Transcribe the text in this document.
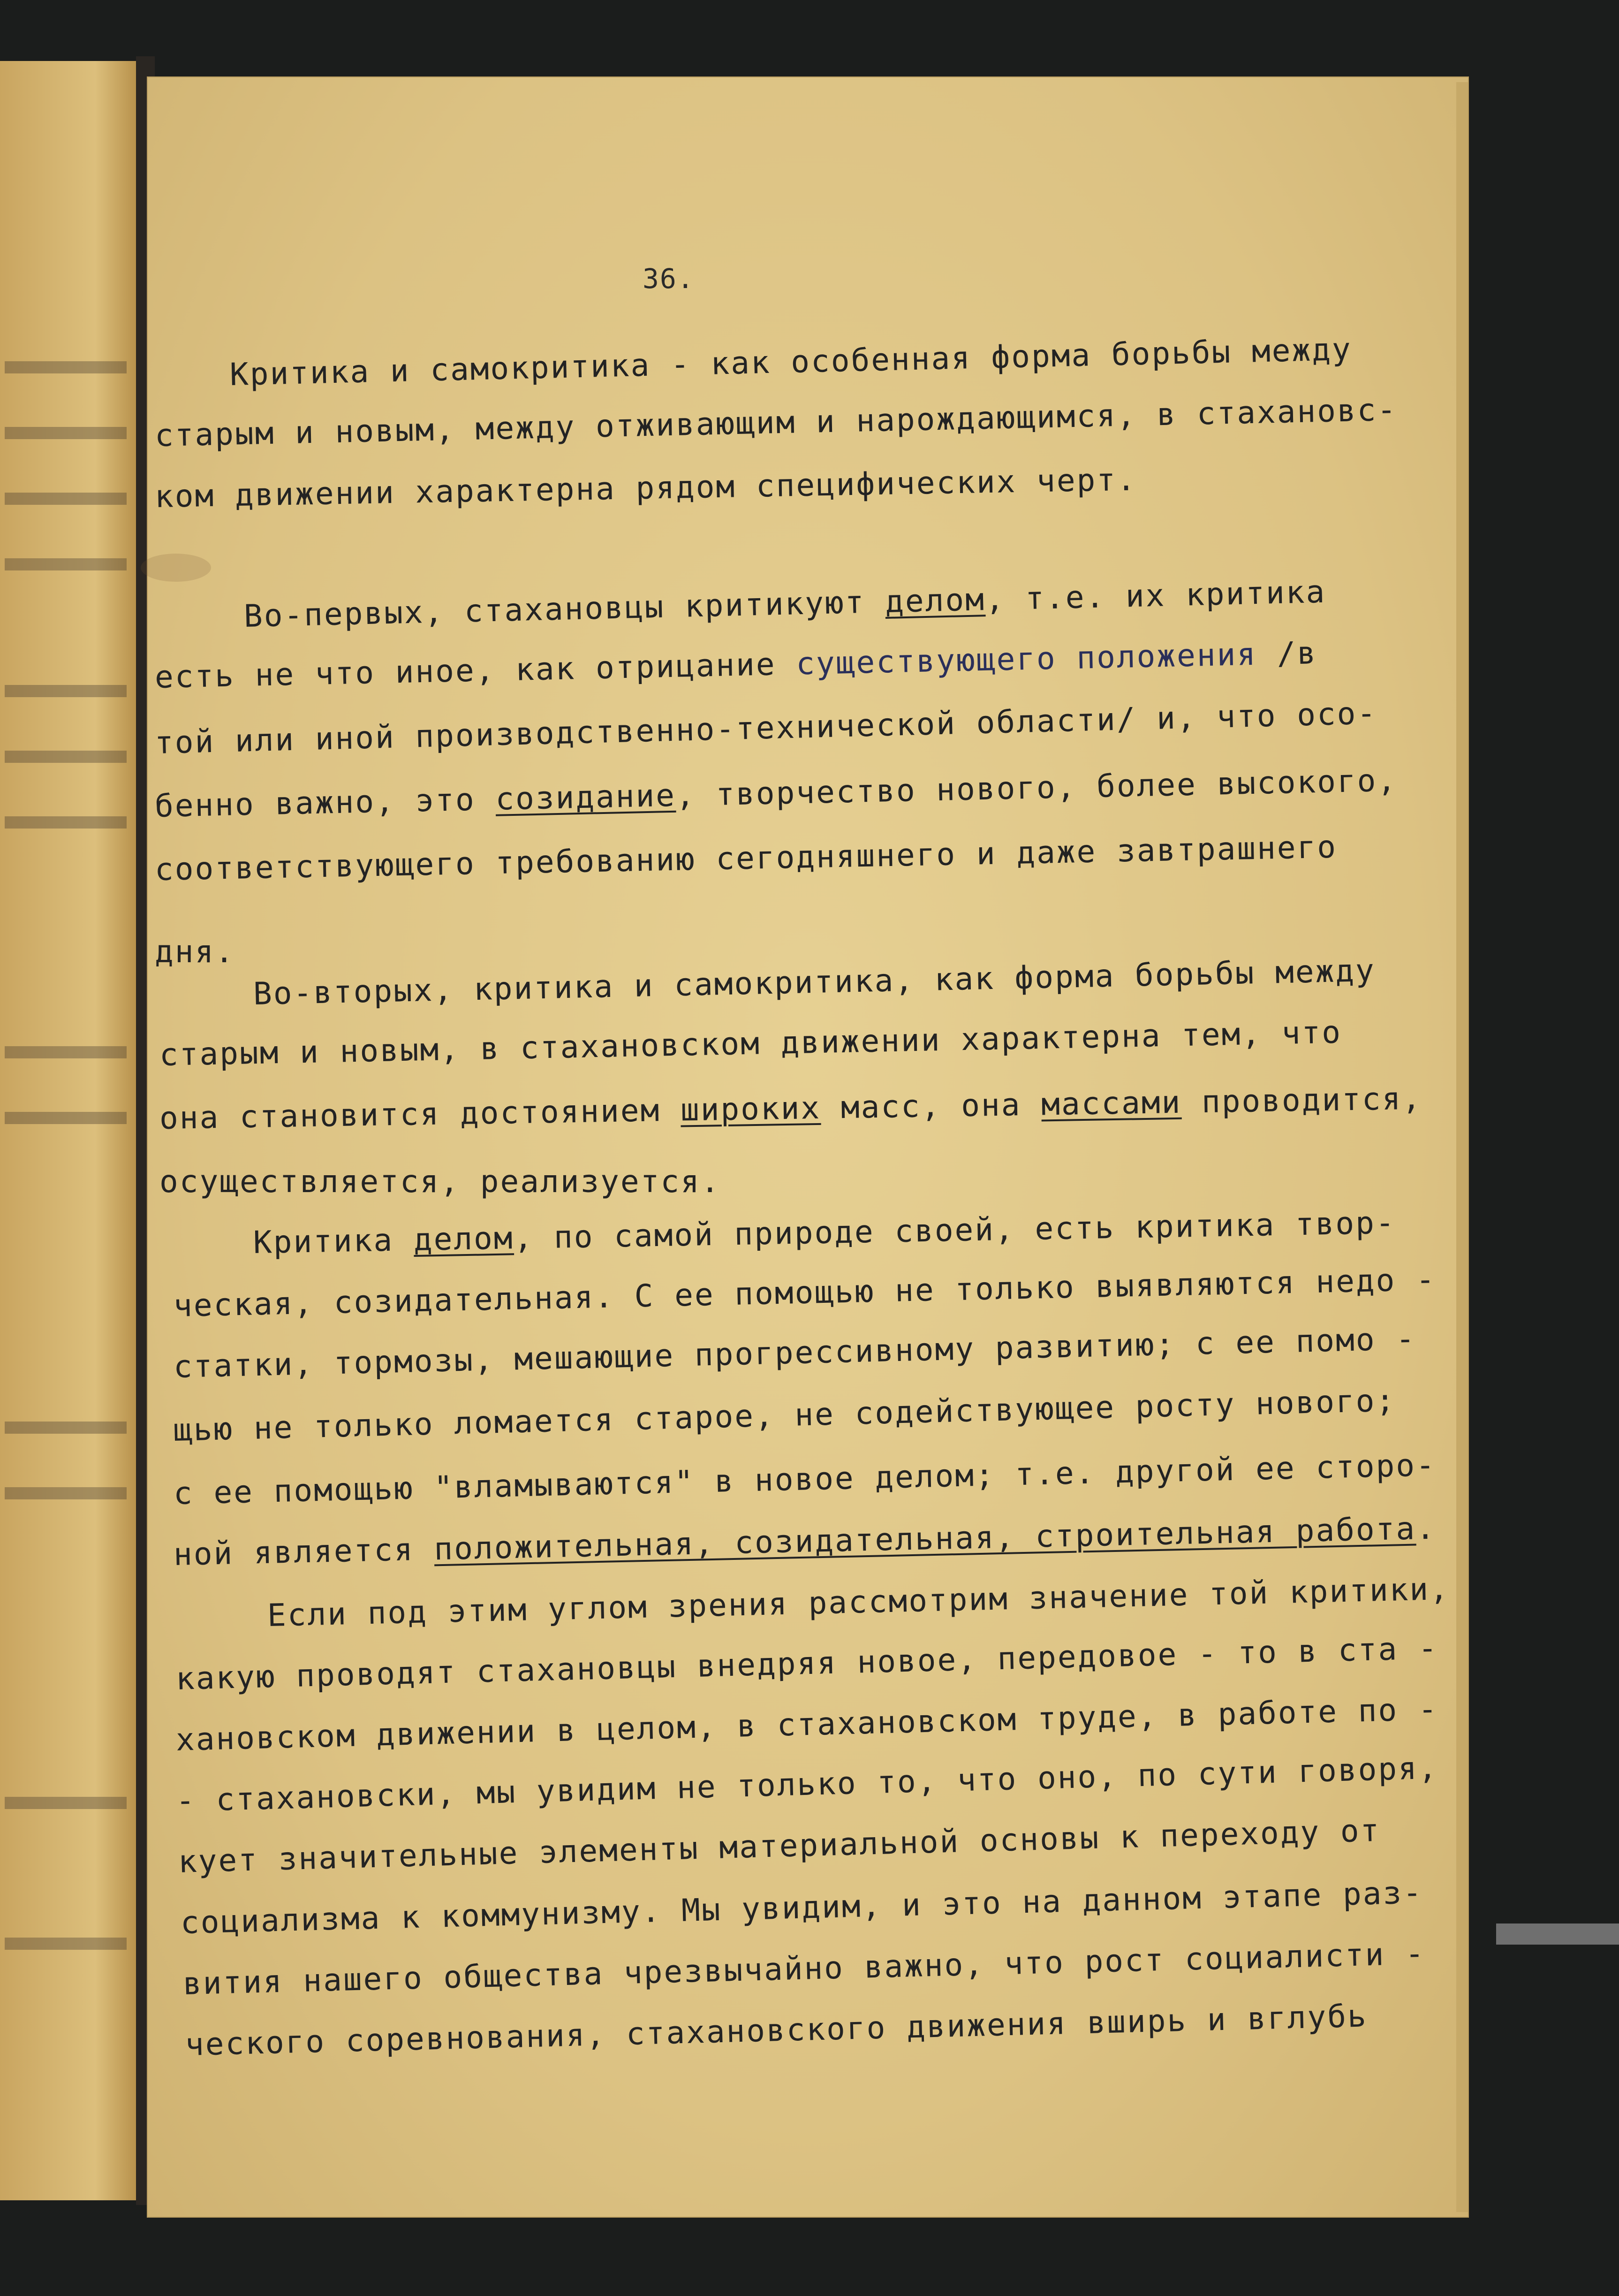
36.
Критика и самокритика - как особенная форма борьбы между
старым и новым, между отживающим и нарождающимся, в стахановс-
ком движении характерна рядом специфических черт.
Во-первых, стахановцы критикуют делом, т.е. их критика
есть не что иное, как отрицание существующего положения /в
той или иной производственно-технической области/ и, что осо-
бенно важно, это созидание, творчество нового, более высокого,
соответствующего требованию сегодняшнего и даже завтрашнего
дня.
Во-вторых, критика и самокритика, как форма борьбы между
старым и новым, в стахановском движении характерна тем, что
она становится достоянием широких масс, она массами проводится,
осуществляется, реализуется.
Критика делом, по самой природе своей, есть критика твор-
ческая, созидательная. С ее помощью не только выявляются недо -
статки, тормозы, мешающие прогрессивному развитию; с ее помо -
щью не только ломается старое, не содействующее росту нового;
с ее помощью "вламываются" в новое делом; т.е. другой ее сторо-
ной является положительная, созидательная, строительная работа.
Если под этим углом зрения рассмотрим значение той критики,
какую проводят стахановцы внедряя новое, передовое - то в ста -
хановском движении в целом, в стахановском труде, в работе по -
- стахановски, мы увидим не только то, что оно, по сути говоря,
кует значительные элементы материальной основы к переходу от
социализма к коммунизму. Мы увидим, и это на данном этапе раз-
вития нашего общества чрезвычайно важно, что рост социалисти -
ческого соревнования, стахановского движения вширь и вглубь
